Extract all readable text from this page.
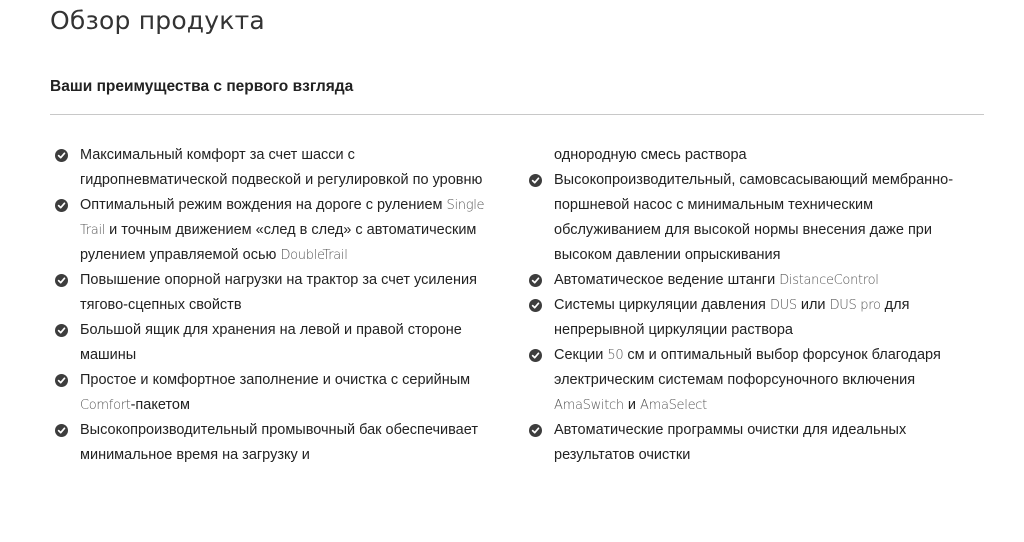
Обзор продукта
Ваши преимущества с первого взгляда
Максимальный комфорт за счет шасси с гидропневматической подвеской и регулировкой по уровню
Оптимальный режим вождения на дороге с рулением Single Trail и точным движением «след в след» с автоматическим рулением управляемой осью DoubleTrail
Повышение опорной нагрузки на трактор за счет усиления тягово-сцепных свойств
Большой ящик для хранения на левой и правой стороне машины
Простое и комфортное заполнение и очистка с серийным Comfort-пакетом
Высокопроизводительный промывочный бак обеспечивает минимальное время на загрузку и
однородную смесь раствора
Высокопроизводительный, самовсасывающий мембранно-поршневой насос с минимальным техническим обслуживанием для высокой нормы внесения даже при высоком давлении опрыскивания
Автоматическое ведение штанги DistanceControl
Системы циркуляции давления DUS или DUS pro для непрерывной циркуляции раствора
Секции 50 см и оптимальный выбор форсунок благодаря электрическим системам пофорсуночного включения AmaSwitch и AmaSelect
Автоматические программы очистки для идеальных результатов очистки
